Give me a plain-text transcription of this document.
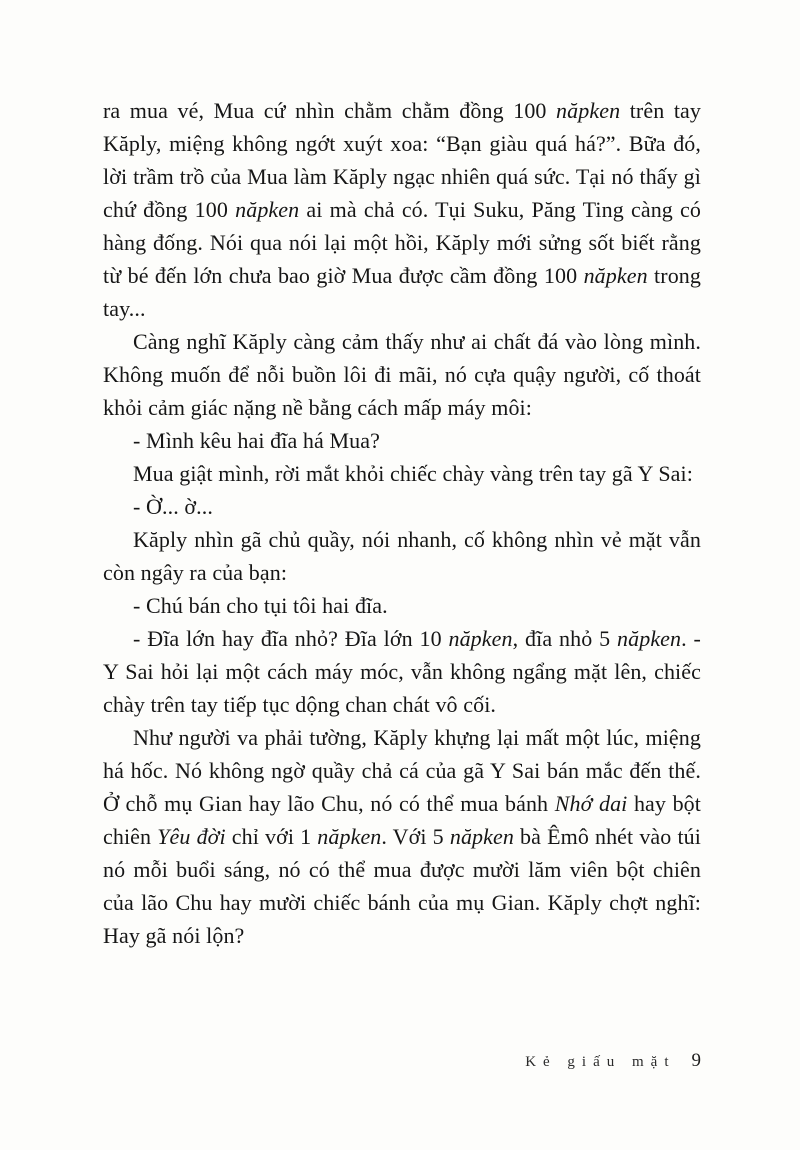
ra mua vé, Mua cứ nhìn chằm chằm đồng 100 năpken trên tay Kăply, miệng không ngớt xuýt xoa: “Bạn giàu quá há?”. Bữa đó, lời trầm trồ của Mua làm Kăply ngạc nhiên quá sức. Tại nó thấy gì chứ đồng 100 năpken ai mà chả có. Tụi Suku, Păng Ting càng có hàng đống. Nói qua nói lại một hồi, Kăply mới sửng sốt biết rằng từ bé đến lớn chưa bao giờ Mua được cầm đồng 100 năpken trong tay...

Càng nghĩ Kăply càng cảm thấy như ai chất đá vào lòng mình. Không muốn để nỗi buồn lôi đi mãi, nó cựa quậy người, cố thoát khỏi cảm giác nặng nề bằng cách mấp máy môi:

- Mình kêu hai đĩa há Mua?

Mua giật mình, rời mắt khỏi chiếc chày vàng trên tay gã Y Sai:

- Ờ... ờ...

Kăply nhìn gã chủ quầy, nói nhanh, cố không nhìn vẻ mặt vẫn còn ngây ra của bạn:

- Chú bán cho tụi tôi hai đĩa.

- Đĩa lớn hay đĩa nhỏ? Đĩa lớn 10 năpken, đĩa nhỏ 5 năpken. - Y Sai hỏi lại một cách máy móc, vẫn không ngẩng mặt lên, chiếc chày trên tay tiếp tục dộng chan chát vô cối.

Như người va phải tường, Kăply khựng lại mất một lúc, miệng há hốc. Nó không ngờ quầy chả cá của gã Y Sai bán mắc đến thế. Ở chỗ mụ Gian hay lão Chu, nó có thể mua bánh Nhớ dai hay bột chiên Yêu đời chỉ với 1 năpken. Với 5 năpken bà Êmô nhét vào túi nó mỗi buổi sáng, nó có thể mua được mười lăm viên bột chiên của lão Chu hay mười chiếc bánh của mụ Gian. Kăply chợt nghĩ: Hay gã nói lộn?

Kẻ giấu mặt 9
